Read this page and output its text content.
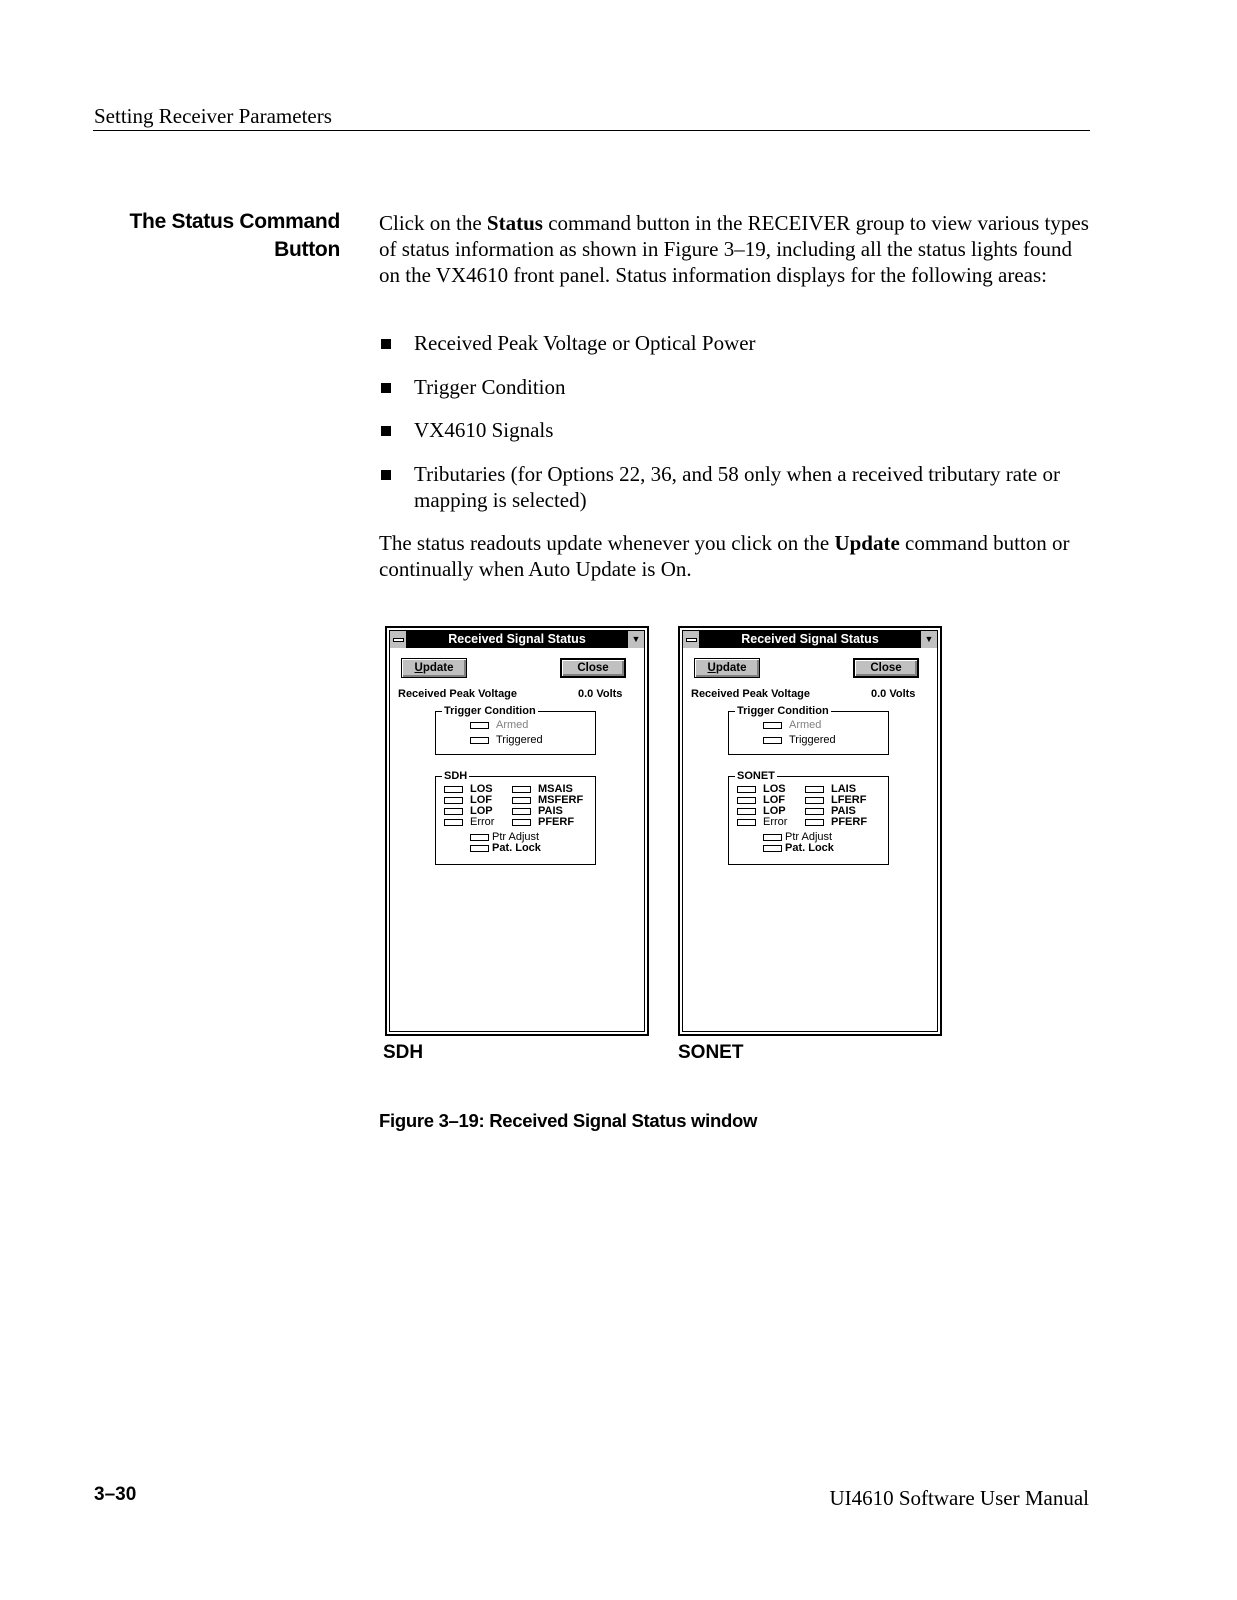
Setting Receiver Parameters
The Status Command
Button

Click on the Status command button in the RECEIVER group to view various types of status information as shown in Figure 3–19, including all the status lights found on the VX4610 front panel. Status information displays for the following areas:

Received Peak Voltage or Optical Power
Trigger Condition
VX4610 Signals
Tributaries (for Options 22, 36, and 58 only when a received tributary rate or mapping is selected)

The status readouts update whenever you click on the Update command button or continually when Auto Update is On.

Received Signal Status	▼
Update	Close
Received Peak Voltage	0.0 Volts
Trigger Condition
Armed
Triggered
SDH
LOS
LOF
LOP
Error
MSAIS
MSFERF
PAIS
PFERF
Ptr Adjust
Pat. Lock
Received Signal Status	▼
Update	Close
Received Peak Voltage	0.0 Volts
Trigger Condition
Armed
Triggered
SONET
LOS
LOF
LOP
Error
LAIS
LFERF
PAIS
PFERF
Ptr Adjust
Pat. Lock
SDH	SONET
Figure 3–19: Received Signal Status window
3–30	UI4610 Software User Manual
